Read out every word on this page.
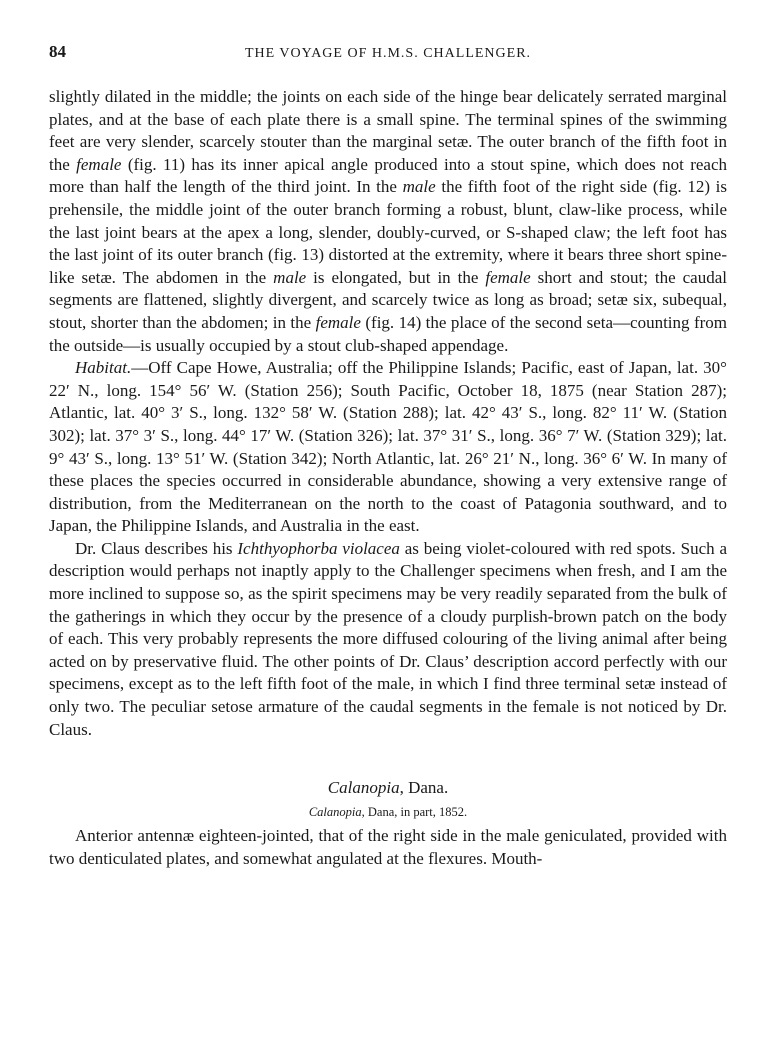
84	THE VOYAGE OF H.M.S. CHALLENGER.

slightly dilated in the middle; the joints on each side of the hinge bear delicately serrated marginal plates, and at the base of each plate there is a small spine. The terminal spines of the swimming feet are very slender, scarcely stouter than the marginal setæ. The outer branch of the fifth foot in the female (fig. 11) has its inner apical angle produced into a stout spine, which does not reach more than half the length of the third joint. In the male the fifth foot of the right side (fig. 12) is prehensile, the middle joint of the outer branch forming a robust, blunt, claw-like process, while the last joint bears at the apex a long, slender, doubly-curved, or S-shaped claw; the left foot has the last joint of its outer branch (fig. 13) distorted at the extremity, where it bears three short spine-like setæ. The abdomen in the male is elongated, but in the female short and stout; the caudal segments are flattened, slightly divergent, and scarcely twice as long as broad; setæ six, subequal, stout, shorter than the abdomen; in the female (fig. 14) the place of the second seta—counting from the outside—is usually occupied by a stout club-shaped appendage.

Habitat.—Off Cape Howe, Australia; off the Philippine Islands; Pacific, east of Japan, lat. 30° 22′ N., long. 154° 56′ W. (Station 256); South Pacific, October 18, 1875 (near Station 287); Atlantic, lat. 40° 3′ S., long. 132° 58′ W. (Station 288); lat. 42° 43′ S., long. 82° 11′ W. (Station 302); lat. 37° 3′ S., long. 44° 17′ W. (Station 326); lat. 37° 31′ S., long. 36° 7′ W. (Station 329); lat. 9° 43′ S., long. 13° 51′ W. (Station 342); North Atlantic, lat. 26° 21′ N., long. 36° 6′ W. In many of these places the species occurred in considerable abundance, showing a very extensive range of distribution, from the Mediterranean on the north to the coast of Patagonia southward, and to Japan, the Philippine Islands, and Australia in the east.

Dr. Claus describes his Ichthyophorba violacea as being violet-coloured with red spots. Such a description would perhaps not inaptly apply to the Challenger specimens when fresh, and I am the more inclined to suppose so, as the spirit specimens may be very readily separated from the bulk of the gatherings in which they occur by the presence of a cloudy purplish-brown patch on the body of each. This very probably represents the more diffused colouring of the living animal after being acted on by preservative fluid. The other points of Dr. Claus’ description accord perfectly with our specimens, except as to the left fifth foot of the male, in which I find three terminal setæ instead of only two. The peculiar setose armature of the caudal segments in the female is not noticed by Dr. Claus.

Calanopia, Dana.
Calanopia, Dana, in part, 1852.

Anterior antennæ eighteen-jointed, that of the right side in the male geniculated, provided with two denticulated plates, and somewhat angulated at the flexures. Mouth-
